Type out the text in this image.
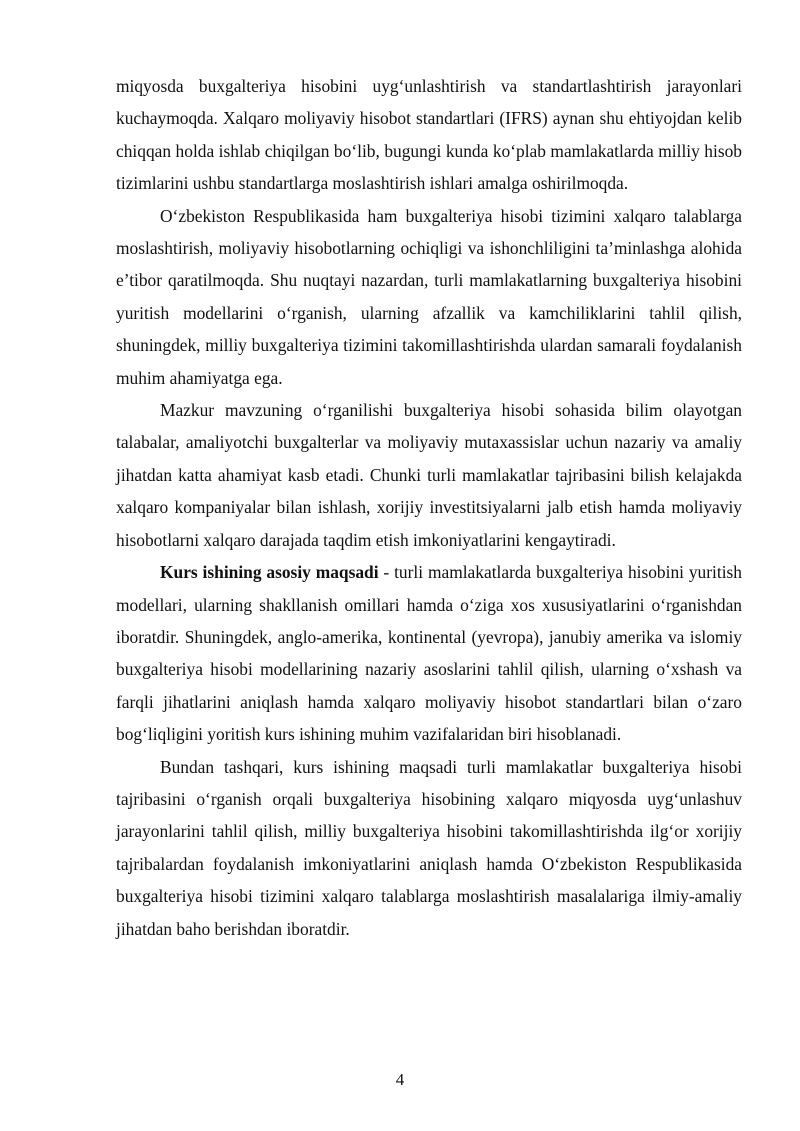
miqyosda buxgalteriya hisobini uyg‘unlashtirish va standartlashtirish jarayonlari kuchaymoqda. Xalqaro moliyaviy hisobot standartlari (IFRS) aynan shu ehtiyojdan kelib chiqqan holda ishlab chiqilgan bo‘lib, bugungi kunda ko‘plab mamlakatlarda milliy hisob tizimlarini ushbu standartlarga moslashtirish ishlari amalga oshirilmoqda.

O‘zbekiston Respublikasida ham buxgalteriya hisobi tizimini xalqaro talablarga moslashtirish, moliyaviy hisobotlarning ochiqligi va ishonchliligini ta’minlashga alohida e’tibor qaratilmoqda. Shu nuqtayi nazardan, turli mamlakatlarning buxgalteriya hisobini yuritish modellarini o‘rganish, ularning afzallik va kamchiliklarini tahlil qilish, shuningdek, milliy buxgalteriya tizimini takomillashtirishda ulardan samarali foydalanish muhim ahamiyatga ega.

Mazkur mavzuning o‘rganilishi buxgalteriya hisobi sohasida bilim olayotgan talabalar, amaliyotchi buxgalterlar va moliyaviy mutaxassislar uchun nazariy va amaliy jihatdan katta ahamiyat kasb etadi. Chunki turli mamlakatlar tajribasini bilish kelajakda xalqaro kompaniyalar bilan ishlash, xorijiy investitsiyalarni jalb etish hamda moliyaviy hisobotlarni xalqaro darajada taqdim etish imkoniyatlarini kengaytiradi.

Kurs ishining asosiy maqsadi - turli mamlakatlarda buxgalteriya hisobini yuritish modellari, ularning shakllanish omillari hamda o‘ziga xos xususiyatlarini o‘rganishdan iboratdir. Shuningdek, anglo-amerika, kontinental (yevropa), janubiy amerika va islomiy buxgalteriya hisobi modellarining nazariy asoslarini tahlil qilish, ularning o‘xshash va farqli jihatlarini aniqlash hamda xalqaro moliyaviy hisobot standartlari bilan o‘zaro bog‘liqligini yoritish kurs ishining muhim vazifalaridan biri hisoblanadi.

Bundan tashqari, kurs ishining maqsadi turli mamlakatlar buxgalteriya hisobi tajribasini o‘rganish orqali buxgalteriya hisobining xalqaro miqyosda uyg‘unlashuv jarayonlarini tahlil qilish, milliy buxgalteriya hisobini takomillashtirishda ilg‘or xorijiy tajribalardan foydalanish imkoniyatlarini aniqlash hamda O‘zbekiston Respublikasida buxgalteriya hisobi tizimini xalqaro talablarga moslashtirish masalalariga ilmiy-amaliy jihatdan baho berishdan iboratdir.

4
